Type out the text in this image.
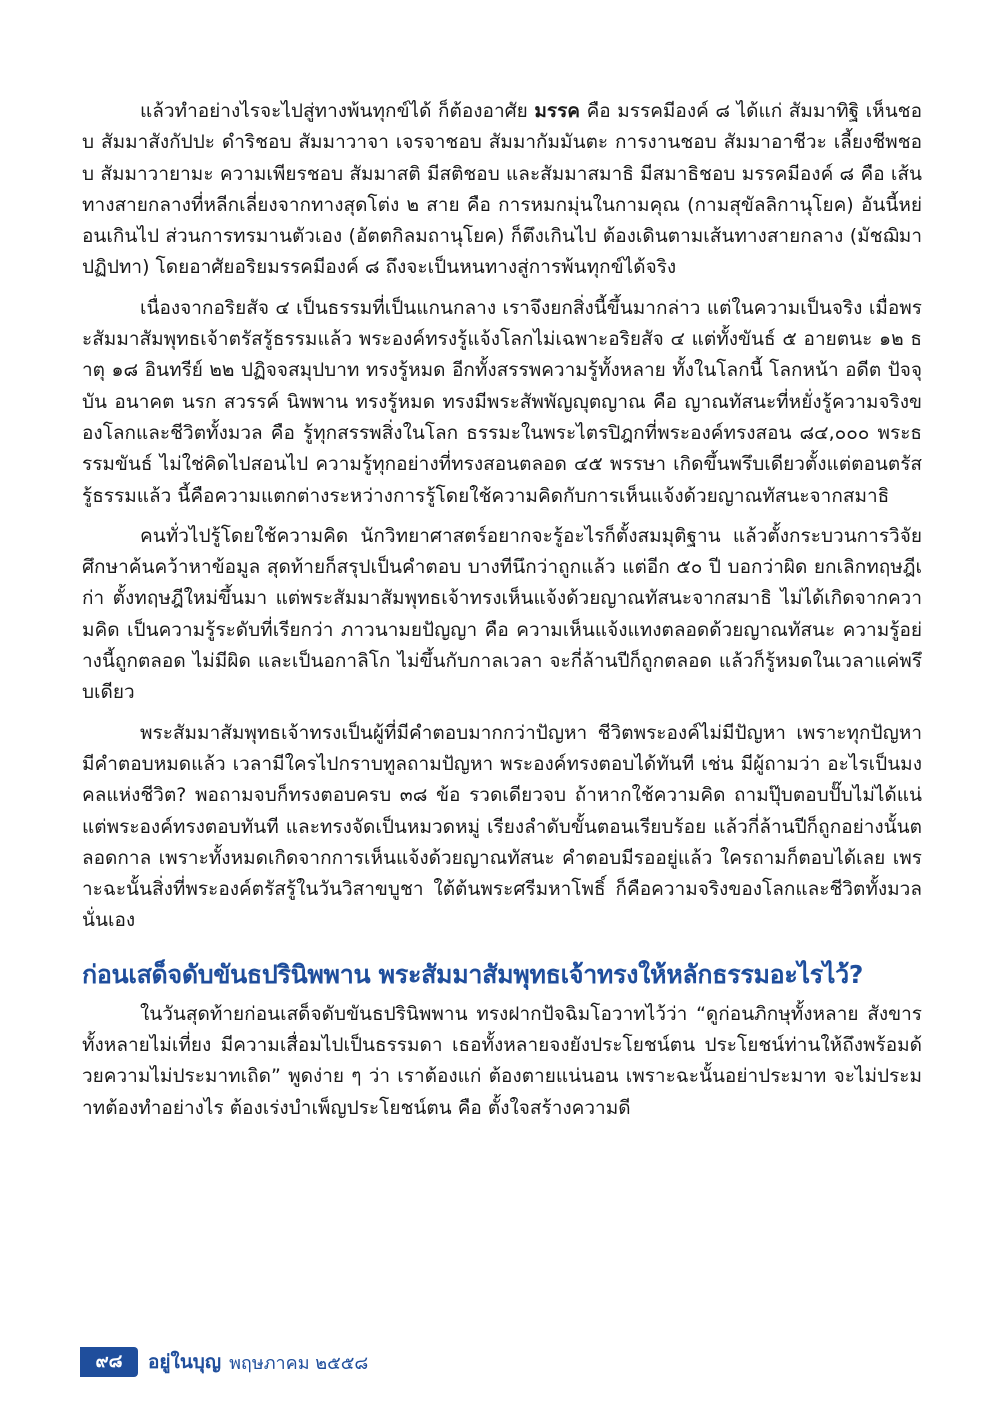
แล้วทำอย่างไรจะไปสู่ทางพ้นทุกข์ได้ ก็ต้องอาศัย มรรค คือ มรรคมีองค์ ๘ ได้แก่ สัมมาทิฐิ เห็นชอบ สัมมาสังกัปปะ ดำริชอบ สัมมาวาจา เจรจาชอบ สัมมากัมมันตะ การงานชอบ สัมมาอาชีวะ เลี้ยงชีพชอบ สัมมาวายามะ ความเพียรชอบ สัมมาสติ มีสติชอบ และสัมมาสมาธิ มีสมาธิชอบ มรรคมีองค์ ๘ คือ เส้นทางสายกลางที่หลีกเลี่ยงจากทางสุดโต่ง ๒ สาย คือ การหมกมุ่นในกามคุณ (กามสุขัลลิกานุโยค) อันนี้หย่อนเกินไป ส่วนการทรมานตัวเอง (อัตตกิลมถานุโยค) ก็ตึงเกินไป ต้องเดินตามเส้นทางสายกลาง (มัชฌิมาปฏิปทา) โดยอาศัยอริยมรรคมีองค์ ๘ ถึงจะเป็นหนทางสู่การพ้นทุกข์ได้จริง

เนื่องจากอริยสัจ ๔ เป็นธรรมที่เป็นแกนกลาง เราจึงยกสิ่งนี้ขึ้นมากล่าว แต่ในความเป็นจริง เมื่อพระสัมมาสัมพุทธเจ้าตรัสรู้ธรรมแล้ว พระองค์ทรงรู้แจ้งโลกไม่เฉพาะอริยสัจ ๔ แต่ทั้งขันธ์ ๕ อายตนะ ๑๒ ธาตุ ๑๘ อินทรีย์ ๒๒ ปฏิจจสมุปบาท ทรงรู้หมด อีกทั้งสรรพความรู้ทั้งหลาย ทั้งในโลกนี้ โลกหน้า อดีต ปัจจุบัน อนาคต นรก สวรรค์ นิพพาน ทรงรู้หมด ทรงมีพระสัพพัญญุตญาณ คือ ญาณทัสนะที่หยั่งรู้ความจริงของโลกและชีวิตทั้งมวล คือ รู้ทุกสรรพสิ่งในโลก ธรรมะในพระไตรปิฎกที่พระองค์ทรงสอน ๘๔,๐๐๐ พระธรรมขันธ์ ไม่ใช่คิดไปสอนไป ความรู้ทุกอย่างที่ทรงสอนตลอด ๔๕ พรรษา เกิดขึ้นพรึบเดียวตั้งแต่ตอนตรัสรู้ธรรมแล้ว นี้คือความแตกต่างระหว่างการรู้โดยใช้ความคิดกับการเห็นแจ้งด้วยญาณทัสนะจากสมาธิ

คนทั่วไปรู้โดยใช้ความคิด นักวิทยาศาสตร์อยากจะรู้อะไรก็ตั้งสมมุติฐาน แล้วตั้งกระบวนการวิจัย ศึกษาค้นคว้าหาข้อมูล สุดท้ายก็สรุปเป็นคำตอบ บางทีนึกว่าถูกแล้ว แต่อีก ๕๐ ปี บอกว่าผิด ยกเลิกทฤษฎีเก่า ตั้งทฤษฎีใหม่ขึ้นมา แต่พระสัมมาสัมพุทธเจ้าทรงเห็นแจ้งด้วยญาณทัสนะจากสมาธิ ไม่ได้เกิดจากความคิด เป็นความรู้ระดับที่เรียกว่า ภาวนามยปัญญา คือ ความเห็นแจ้งแทงตลอดด้วยญาณทัสนะ ความรู้อย่างนี้ถูกตลอด ไม่มีผิด และเป็นอกาลิโก ไม่ขึ้นกับกาลเวลา จะกี่ล้านปีก็ถูกตลอด แล้วก็รู้หมดในเวลาแค่พรึบเดียว

พระสัมมาสัมพุทธเจ้าทรงเป็นผู้ที่มีคำตอบมากกว่าปัญหา ชีวิตพระองค์ไม่มีปัญหา เพราะทุกปัญหามีคำตอบหมดแล้ว เวลามีใครไปกราบทูลถามปัญหา พระองค์ทรงตอบได้ทันที เช่น มีผู้ถามว่า อะไรเป็นมงคลแห่งชีวิต? พอถามจบก็ทรงตอบครบ ๓๘ ข้อ รวดเดียวจบ ถ้าหากใช้ความคิด ถามปุ๊บตอบปั๊บไม่ได้แน่ แต่พระองค์ทรงตอบทันที และทรงจัดเป็นหมวดหมู่ เรียงลำดับขั้นตอนเรียบร้อย แล้วกี่ล้านปีก็ถูกอย่างนั้นตลอดกาล เพราะทั้งหมดเกิดจากการเห็นแจ้งด้วยญาณทัสนะ คำตอบมีรออยู่แล้ว ใครถามก็ตอบได้เลย เพราะฉะนั้นสิ่งที่พระองค์ตรัสรู้ในวันวิสาขบูชา ใต้ต้นพระศรีมหาโพธิ์ ก็คือความจริงของโลกและชีวิตทั้งมวลนั่นเอง

ก่อนเสด็จดับขันธปรินิพพาน พระสัมมาสัมพุทธเจ้าทรงให้หลักธรรมอะไรไว้?

ในวันสุดท้ายก่อนเสด็จดับขันธปรินิพพาน ทรงฝากปัจฉิมโอวาทไว้ว่า “ดูก่อนภิกษุทั้งหลาย สังขารทั้งหลายไม่เที่ยง มีความเสื่อมไปเป็นธรรมดา เธอทั้งหลายจงยังประโยชน์ตน ประโยชน์ท่านให้ถึงพร้อมด้วยความไม่ประมาทเถิด” พูดง่าย ๆ ว่า เราต้องแก่ ต้องตายแน่นอน เพราะฉะนั้นอย่าประมาท จะไม่ประมาทต้องทำอย่างไร ต้องเร่งบำเพ็ญประโยชน์ตน คือ ตั้งใจสร้างความดี

๙๘	อยู่ในบุญ พฤษภาคม ๒๕๕๘
